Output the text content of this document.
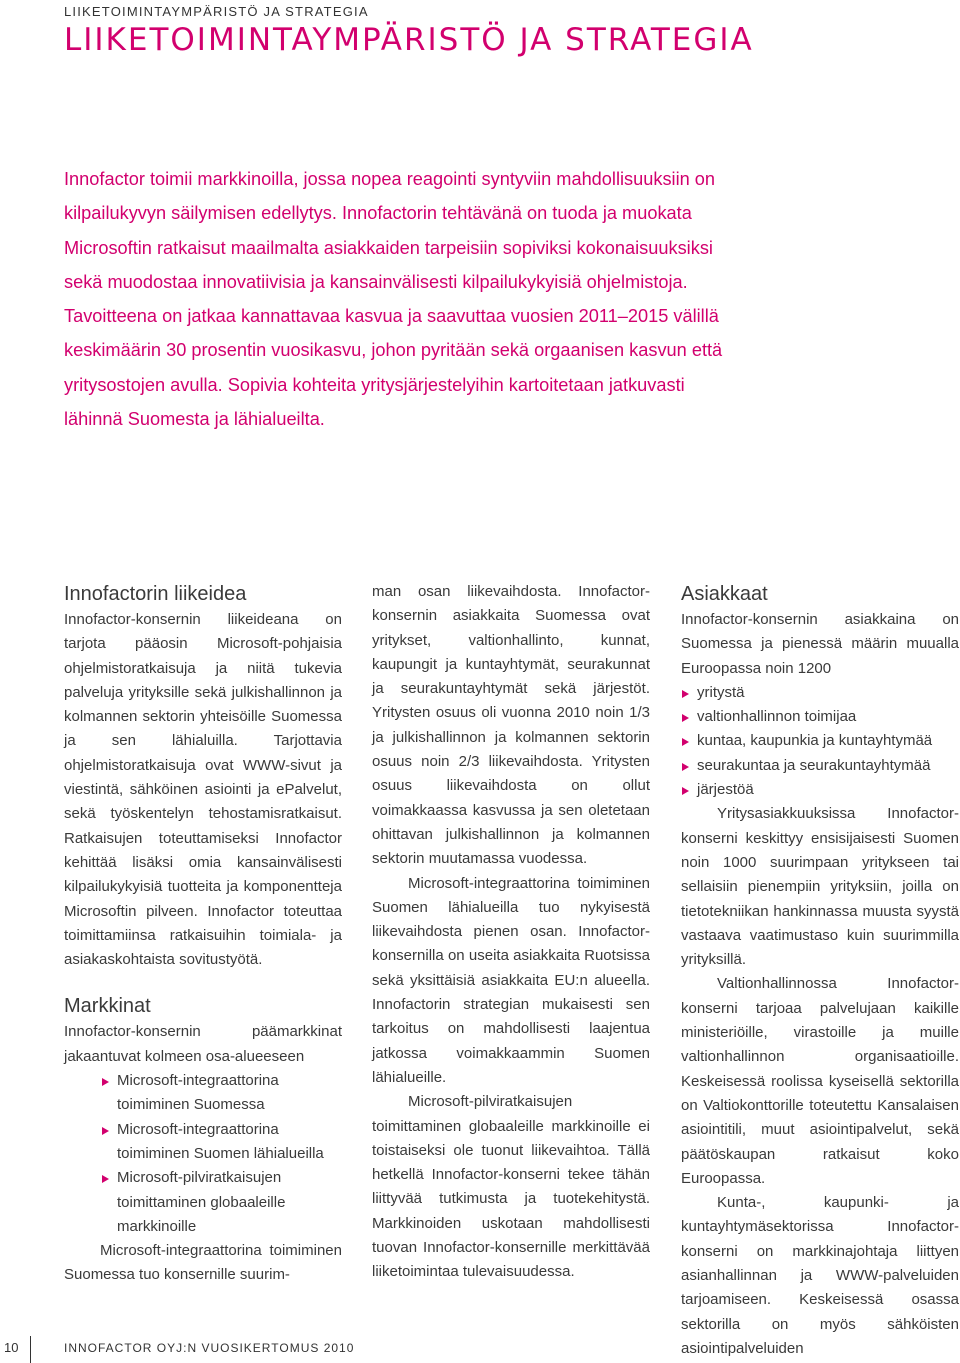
LIIKETOIMINTAYMPÄRISTÖ JA STRATEGIA
LIIKETOIMINTAYMPÄRISTÖ JA STRATEGIA

Innofactor toimii markkinoilla, jossa nopea reagointi syntyviin mahdollisuuksiin on kilpailukyvyn säilymisen edellytys. Innofactorin tehtävänä on tuoda ja muokata Microsoftin ratkaisut maailmalta asiakkaiden tarpeisiin sopiviksi kokonaisuuksiksi sekä muodostaa innovatiivisia ja kansainvälisesti kilpailukykyisiä ohjelmistoja. Tavoitteena on jatkaa kannattavaa kasvua ja saavuttaa vuosien 2011–2015 välillä keskimäärin 30 prosentin vuosikasvu, johon pyritään sekä orgaanisen kasvun että yritysostojen avulla. Sopivia kohteita yritysjärjestelyihin kartoitetaan jatkuvasti lähinnä Suomesta ja lähialueilta.

Innofactorin liikeidea

Innofactor-konsernin liikeideana on tarjota pääosin Microsoft-pohjaisia ohjelmistoratkaisuja ja niitä tukevia palveluja yrityksille sekä julkishallinnon ja kolmannen sektorin yhteisöille Suomessa ja sen lähialuilla. Tarjottavia ohjelmistoratkaisuja ovat WWW-sivut ja viestintä, sähköinen asiointi ja ePalvelut, sekä työskentelyn tehostamisratkaisut. Ratkaisujen toteuttamiseksi Innofactor kehittää lisäksi omia kansainvälisesti kilpailukykyisiä tuotteita ja komponentteja Microsoftin pilveen. Innofactor toteuttaa toimittamiinsa ratkaisuihin toimiala- ja asiakaskohtaista sovitustyötä.

Markkinat

Innofactor-konsernin päämarkkinat jakaantuvat kolmeen osa-alueeseen

Microsoft-integraattorina toimiminen Suomessa
Microsoft-integraattorina toimiminen Suomen lähialueilla
Microsoft-pilviratkaisujen toimittaminen globaaleille markkinoille

Microsoft-integraattorina toimiminen Suomessa tuo konsernille suurim-

man osan liikevaihdosta. Innofactor-konsernin asiakkaita Suomessa ovat yritykset, valtionhallinto, kunnat, kaupungit ja kuntayhtymät, seurakunnat ja seurakuntayhtymät sekä järjestöt. Yritysten osuus oli vuonna 2010 noin 1/3 ja julkishallinnon ja kolmannen sektorin osuus noin 2/3 liikevaihdosta. Yritysten osuus liikevaihdosta on ollut voimakkaassa kasvussa ja sen oletetaan ohittavan julkishallinnon ja kolmannen sektorin muutamassa vuodessa.

Microsoft-integraattorina toimiminen Suomen lähialueilla tuo nykyisestä liikevaihdosta pienen osan. Innofactor-konsernilla on useita asiakkaita Ruotsissa sekä yksittäisiä asiakkaita EU:n alueella. Innofactorin strategian mukaisesti sen tarkoitus on mahdollisesti laajentua jatkossa voimakkaammin Suomen lähialueille.

Microsoft-pilviratkaisujen toimittaminen globaaleille markkinoille ei toistaiseksi ole tuonut liikevaihtoa. Tällä hetkellä Innofactor-konserni tekee tähän liittyvää tutkimusta ja tuotekehitystä. Markkinoiden uskotaan mahdollisesti tuovan Innofactor-konsernille merkittävää liiketoimintaa tulevaisuudessa.

Asiakkaat

Innofactor-konsernin asiakkaina on Suomessa ja pienessä määrin muualla Euroopassa noin 1200

yritystä
valtionhallinnon toimijaa
kuntaa, kaupunkia ja kuntayhtymää
seurakuntaa ja seurakuntayhtymää
järjestöä

Yritysasiakkuuksissa Innofactor-konserni keskittyy ensisijaisesti Suomen noin 1000 suurimpaan yritykseen tai sellaisiin pienempiin yrityksiin, joilla on tietotekniikan hankinnassa muusta syystä vastaava vaatimustaso kuin suurimmilla yrityksillä.

Valtionhallinnossa Innofactor-konserni tarjoaa palvelujaan kaikille ministeriöille, virastoille ja muille valtionhallinnon organisaatioille. Keskeisessä roolissa kyseisellä sektorilla on Valtiokonttorille toteutettu Kansalaisen asiointitili, muut asiointipalvelut, sekä päätöskaupan ratkaisut koko Euroopassa.

Kunta-, kaupunki- ja kuntayhtymäsektorissa Innofactor-konserni on markkinajohtaja liittyen asianhallinnan ja WWW-palveluiden tarjoamiseen. Keskeisessä osassa sektorilla on myös sähköisten asiointipalveluiden

10	INNOFACTOR OYJ:N VUOSIKERTOMUS 2010
